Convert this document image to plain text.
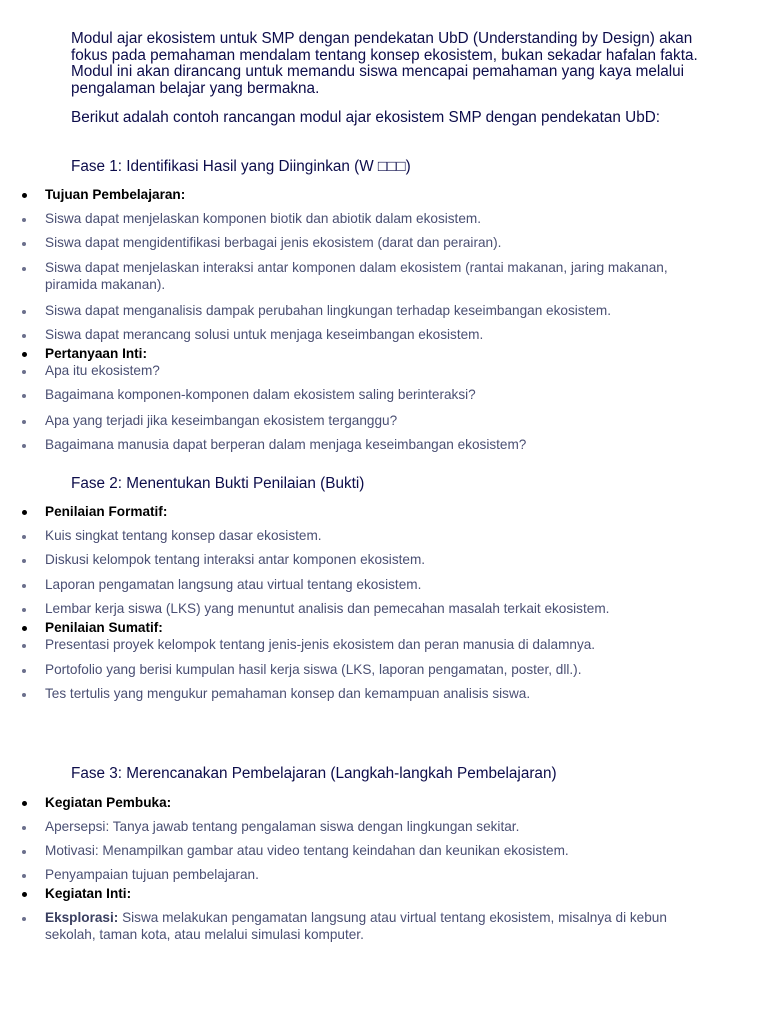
Modul ajar ekosistem untuk SMP dengan pendekatan UbD (Understanding by Design) akan fokus pada pemahaman mendalam tentang konsep ekosistem, bukan sekadar hafalan fakta. Modul ini akan dirancang untuk memandu siswa mencapai pemahaman yang kaya melalui pengalaman belajar yang bermakna.

Berikut adalah contoh rancangan modul ajar ekosistem SMP dengan pendekatan UbD:

Fase 1: Identifikasi Hasil yang Diinginkan (W □□□)

Tujuan Pembelajaran:

Siswa dapat menjelaskan komponen biotik dan abiotik dalam ekosistem.

Siswa dapat mengidentifikasi berbagai jenis ekosistem (darat dan perairan).

Siswa dapat menjelaskan interaksi antar komponen dalam ekosistem (rantai makanan, jaring makanan, piramida makanan).

Siswa dapat menganalisis dampak perubahan lingkungan terhadap keseimbangan ekosistem.

Siswa dapat merancang solusi untuk menjaga keseimbangan ekosistem.

Pertanyaan Inti:

Apa itu ekosistem?

Bagaimana komponen-komponen dalam ekosistem saling berinteraksi?

Apa yang terjadi jika keseimbangan ekosistem terganggu?

Bagaimana manusia dapat berperan dalam menjaga keseimbangan ekosistem?

Fase 2: Menentukan Bukti Penilaian (Bukti)

Penilaian Formatif:

Kuis singkat tentang konsep dasar ekosistem.

Diskusi kelompok tentang interaksi antar komponen ekosistem.

Laporan pengamatan langsung atau virtual tentang ekosistem.

Lembar kerja siswa (LKS) yang menuntut analisis dan pemecahan masalah terkait ekosistem.

Penilaian Sumatif:

Presentasi proyek kelompok tentang jenis-jenis ekosistem dan peran manusia di dalamnya.

Portofolio yang berisi kumpulan hasil kerja siswa (LKS, laporan pengamatan, poster, dll.).

Tes tertulis yang mengukur pemahaman konsep dan kemampuan analisis siswa.

Fase 3: Merencanakan Pembelajaran (Langkah-langkah Pembelajaran)

Kegiatan Pembuka:

Apersepsi: Tanya jawab tentang pengalaman siswa dengan lingkungan sekitar.

Motivasi: Menampilkan gambar atau video tentang keindahan dan keunikan ekosistem.

Penyampaian tujuan pembelajaran.

Kegiatan Inti:

Eksplorasi: Siswa melakukan pengamatan langsung atau virtual tentang ekosistem, misalnya di kebun sekolah, taman kota, atau melalui simulasi komputer.
